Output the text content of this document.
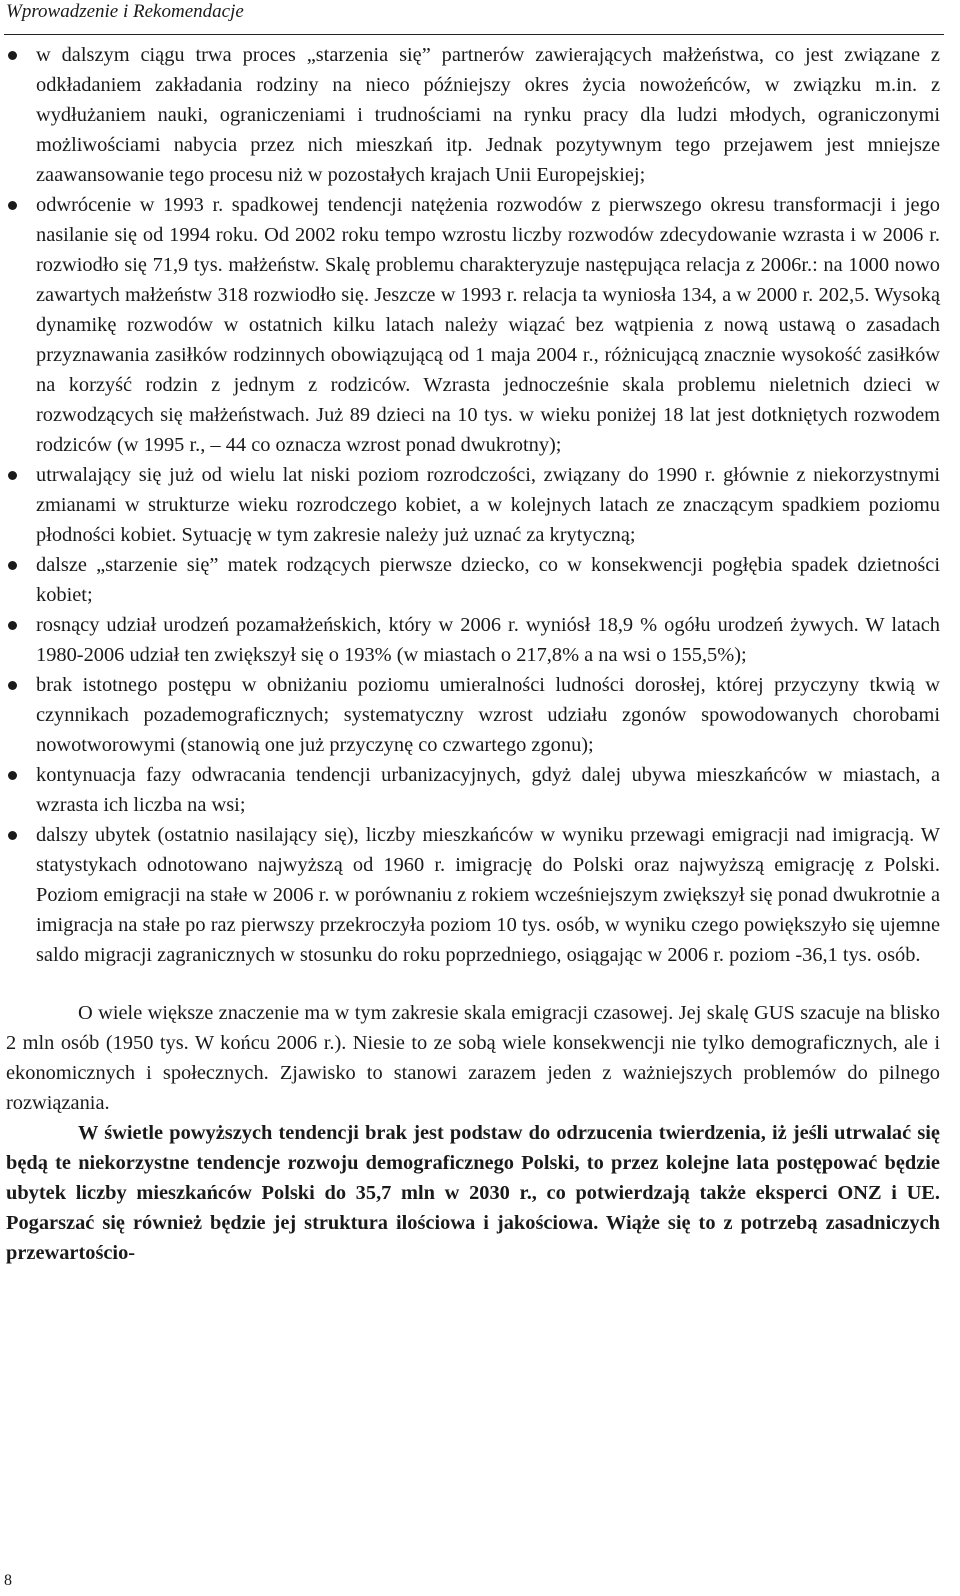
Wprowadzenie i Rekomendacje
w dalszym ciągu trwa proces „starzenia się” partnerów zawierających małżeństwa, co jest związane z odkładaniem zakładania rodziny na nieco późniejszy okres życia nowożeńców, w związku m.in. z wydłużaniem nauki, ograniczeniami i trudnościami na rynku pracy dla ludzi młodych, ograniczonymi możliwościami nabycia przez nich mieszkań itp. Jednak pozytywnym tego przejawem jest mniejsze zaawansowanie tego procesu niż w pozostałych krajach Unii Europejskiej;
odwrócenie w 1993 r. spadkowej tendencji natężenia rozwodów z pierwszego okresu transformacji i jego nasilanie się od 1994 roku. Od 2002 roku tempo wzrostu liczby rozwodów zdecydowanie wzrasta i w 2006 r. rozwiodło się 71,9 tys. małżeństw. Skalę problemu charakteryzuje następująca relacja z 2006r.: na 1000 nowo zawartych małżeństw 318 rozwiodło się. Jeszcze w 1993 r. relacja ta wyniosła 134, a w 2000 r. 202,5. Wysoką dynamikę rozwodów w ostatnich kilku latach należy wiązać bez wątpienia z nową ustawą o zasadach przyznawania zasiłków rodzinnych obowiązującą od 1 maja 2004 r., różnicującą znacznie wysokość zasiłków na korzyść rodzin z jednym z rodziców. Wzrasta jednocześnie skala problemu nieletnich dzieci w rozwodzących się małżeństwach. Już 89 dzieci na 10 tys. w wieku poniżej 18 lat jest dotkniętych rozwodem rodziców (w 1995 r., – 44 co oznacza wzrost ponad dwukrotny);
utrwalający się już od wielu lat niski poziom rozrodczości, związany do 1990 r. głównie z niekorzystnymi zmianami w strukturze wieku rozrodczego kobiet, a w kolejnych latach ze znaczącym spadkiem poziomu płodności kobiet. Sytuację w tym zakresie należy już uznać za krytyczną;
dalsze „starzenie się” matek rodzących pierwsze dziecko, co w konsekwencji pogłębia spadek dzietności kobiet;
rosnący udział urodzeń pozamałżeńskich, który w 2006 r. wyniósł 18,9 % ogółu urodzeń żywych. W latach 1980-2006 udział ten zwiększył się o 193% (w miastach o 217,8% a na wsi o 155,5%);
brak istotnego postępu w obniżaniu poziomu umieralności ludności dorosłej, której przyczyny tkwią w czynnikach pozademograficznych; systematyczny wzrost udziału zgonów spowodowanych chorobami nowotworowymi (stanowią one już przyczynę co czwartego zgonu);
kontynuacja fazy odwracania tendencji urbanizacyjnych, gdyż dalej ubywa mieszkańców w miastach, a wzrasta ich liczba na wsi;
dalszy ubytek (ostatnio nasilający się), liczby mieszkańców w wyniku przewagi emigracji nad imigracją. W statystykach odnotowano najwyższą od 1960 r. imigrację do Polski oraz najwyższą emigrację z Polski. Poziom emigracji na stałe w 2006 r. w porównaniu z rokiem wcześniejszym zwiększył się ponad dwukrotnie a imigracja na stałe po raz pierwszy przekroczyła poziom 10 tys. osób, w wyniku czego powiększyło się ujemne saldo migracji zagranicznych w stosunku do roku poprzedniego, osiągając w 2006 r. poziom -36,1 tys. osób.

O wiele większe znaczenie ma w tym zakresie skala emigracji czasowej. Jej skalę GUS szacuje na blisko 2 mln osób (1950 tys. W końcu 2006 r.). Niesie to ze sobą wiele konsekwencji nie tylko demograficznych, ale i ekonomicznych i społecznych. Zjawisko to stanowi zarazem jeden z ważniejszych problemów do pilnego rozwiązania.

W świetle powyższych tendencji brak jest podstaw do odrzucenia twierdzenia, iż jeśli utrwalać się będą te niekorzystne tendencje rozwoju demograficznego Polski, to przez kolejne lata postępować będzie ubytek liczby mieszkańców Polski do 35,7 mln w 2030 r., co potwierdzają także eksperci ONZ i UE. Pogarszać się również będzie jej struktura ilościowa i jakościowa. Wiąże się to z potrzebą zasadniczych przewartościo-

8
